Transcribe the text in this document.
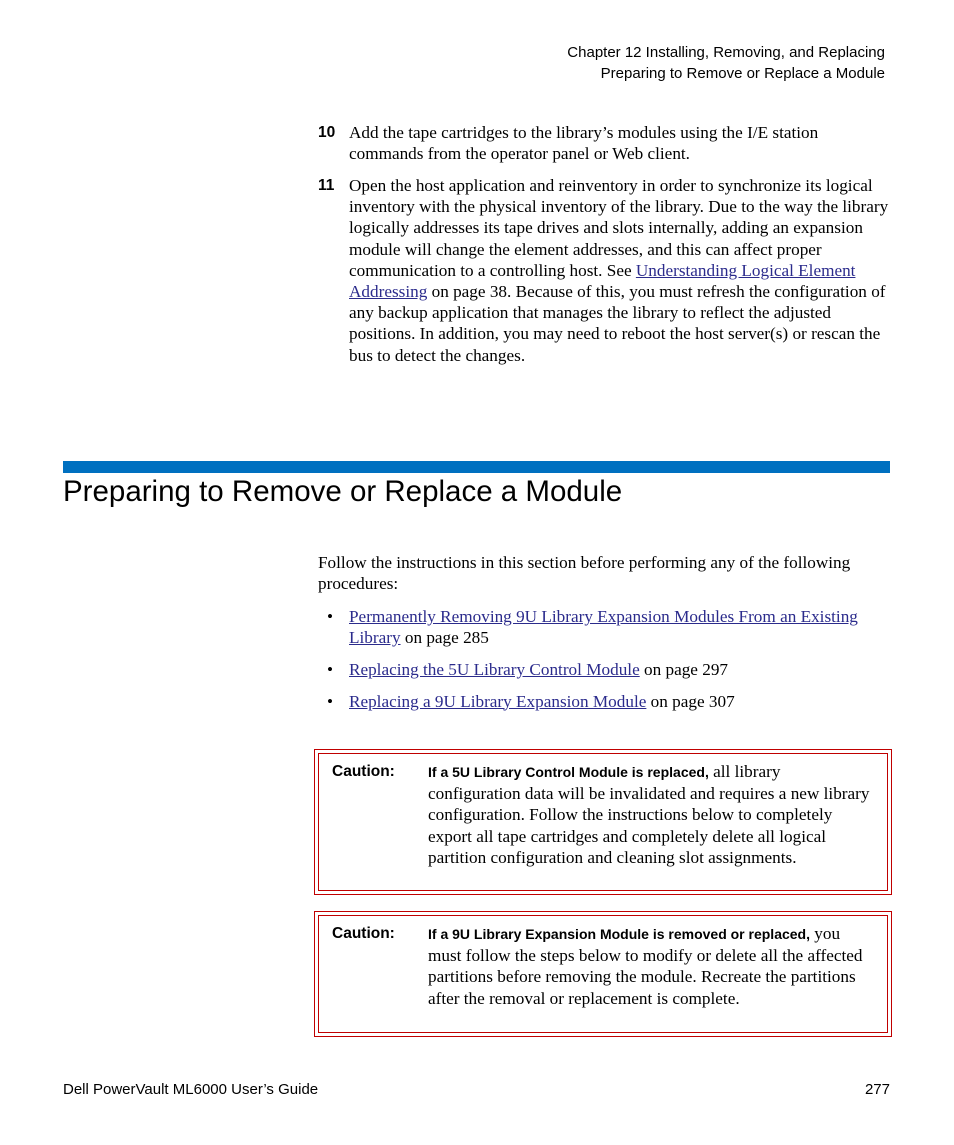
Chapter 12 Installing, Removing, and Replacing
Preparing to Remove or Replace a Module
10 Add the tape cartridges to the library’s modules using the I/E station commands from the operator panel or Web client.
11 Open the host application and reinventory in order to synchronize its logical inventory with the physical inventory of the library. Due to the way the library logically addresses its tape drives and slots internally, adding an expansion module will change the element addresses, and this can affect proper communication to a controlling host. See Understanding Logical Element Addressing on page 38. Because of this, you must refresh the configuration of any backup application that manages the library to reflect the adjusted positions. In addition, you may need to reboot the host server(s) or rescan the bus to detect the changes.
Preparing to Remove or Replace a Module
Follow the instructions in this section before performing any of the following procedures:
• Permanently Removing 9U Library Expansion Modules From an Existing Library on page 285
• Replacing the 5U Library Control Module on page 297
• Replacing a 9U Library Expansion Module on page 307
Caution: If a 5U Library Control Module is replaced, all library configuration data will be invalidated and requires a new library configuration. Follow the instructions below to completely export all tape cartridges and completely delete all logical partition configuration and cleaning slot assignments.
Caution: If a 9U Library Expansion Module is removed or replaced, you must follow the steps below to modify or delete all the affected partitions before removing the module. Recreate the partitions after the removal or replacement is complete.
Dell PowerVault ML6000 User’s Guide	277
